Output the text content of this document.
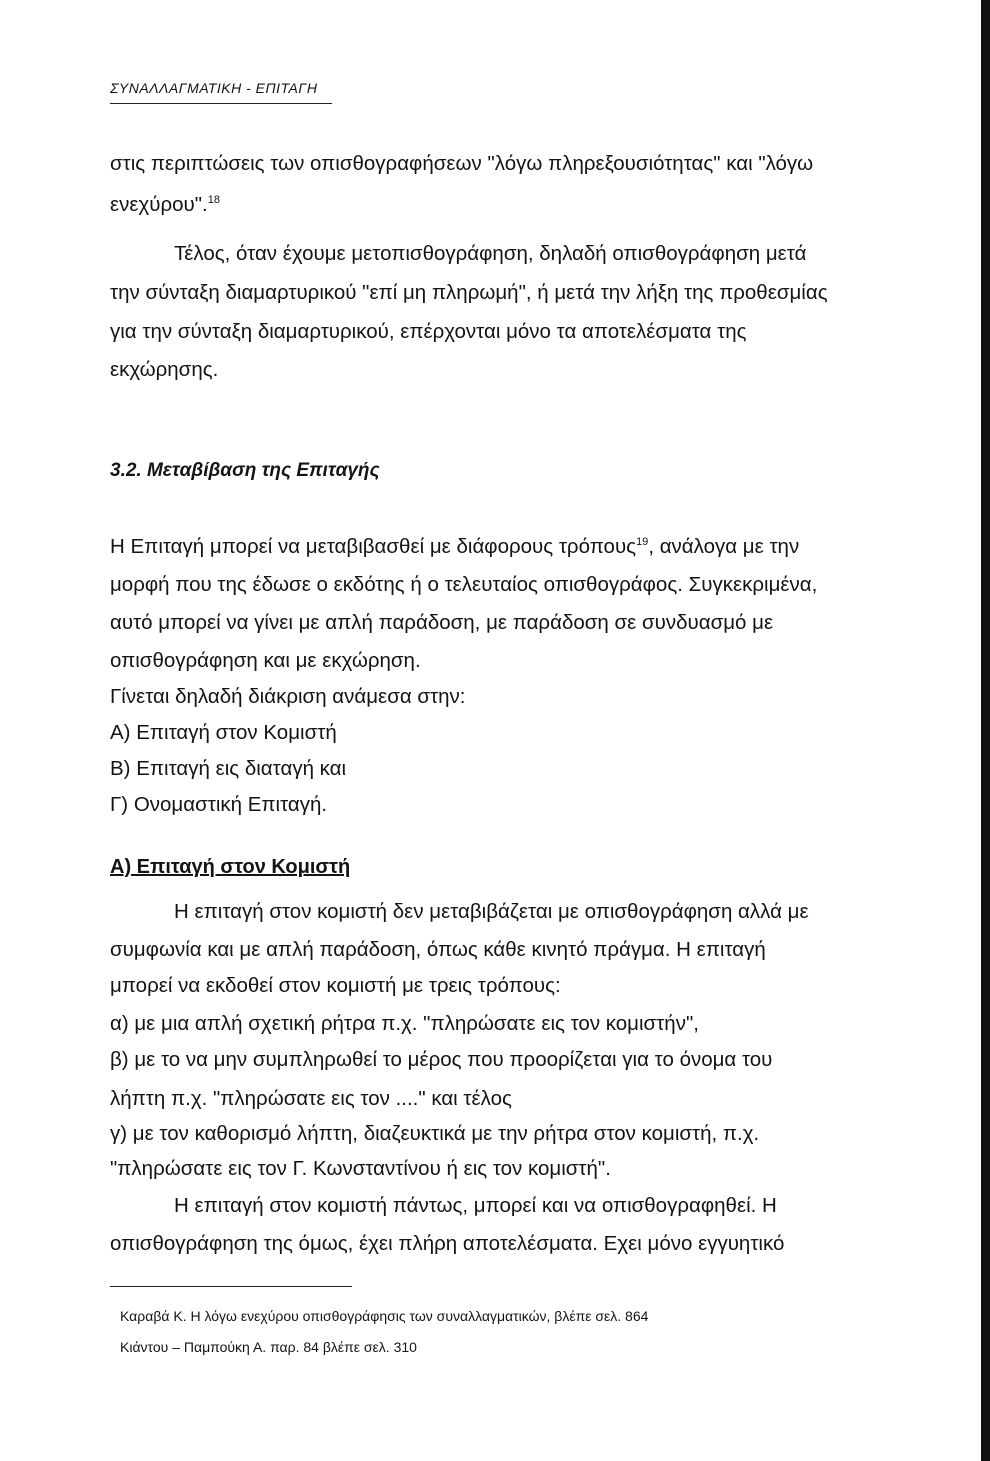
ΣΥΝΑΛΛΑΓΜΑΤΙΚΗ - ΕΠΙΤΑΓΗ
στις περιπτώσεις των οπισθογραφήσεων "λόγω πληρεξουσιότητας" και "λόγω
ενεχύρου".$^{18}$
Τέλος, όταν έχουμε μετοπισθογράφηση, δηλαδή οπισθογράφηση μετά
την σύνταξη διαμαρτυρικού "επί μη πληρωμή", ή μετά την λήξη της προθεσμίας
για την σύνταξη διαμαρτυρικού, επέρχονται μόνο τα αποτελέσματα της
εκχώρησης.
3.2. Μεταβίβαση της Επιταγής
Η Επιταγή μπορεί να μεταβιβασθεί με διάφορους τρόπους$^{19}$, ανάλογα με την
μορφή που της έδωσε ο εκδότης ή ο τελευταίος οπισθογράφος. Συγκεκριμένα,
αυτό μπορεί να γίνει με απλή παράδοση, με παράδοση σε συνδυασμό με
οπισθογράφηση και με εκχώρηση.
Γίνεται δηλαδή διάκριση ανάμεσα στην:
Α) Επιταγή στον Κομιστή
Β) Επιταγή εις διαταγή και
Γ) Ονομαστική Επιταγή.
Α) Επιταγή στον Κομιστή
Η επιταγή στον κομιστή δεν μεταβιβάζεται με οπισθογράφηση αλλά με
συμφωνία και με απλή παράδοση, όπως κάθε κινητό πράγμα. Η επιταγή
μπορεί να εκδοθεί στον κομιστή με τρεις τρόπους:
α) με μια απλή σχετική ρήτρα π.χ. "πληρώσατε εις τον κομιστήν",
β) με το να μην συμπληρωθεί το μέρος που προορίζεται για το όνομα του
λήπτη π.χ. "πληρώσατε εις τον ...." και τέλος
γ) με τον καθορισμό λήπτη, διαζευκτικά με την ρήτρα στον κομιστή, π.χ.
"πληρώσατε εις τον Γ. Κωνσταντίνου ή εις τον κομιστή".
Η επιταγή στον κομιστή πάντως, μπορεί και να οπισθογραφηθεί. Η
οπισθογράφηση της όμως, έχει πλήρη αποτελέσματα. Εχει μόνο εγγυητικό
Καραβά Κ. Η λόγω ενεχύρου οπισθογράφησις των συναλλαγματικών, βλέπε σελ. 864
Κιάντου – Παμπούκη Α. παρ. 84 βλέπε σελ. 310
